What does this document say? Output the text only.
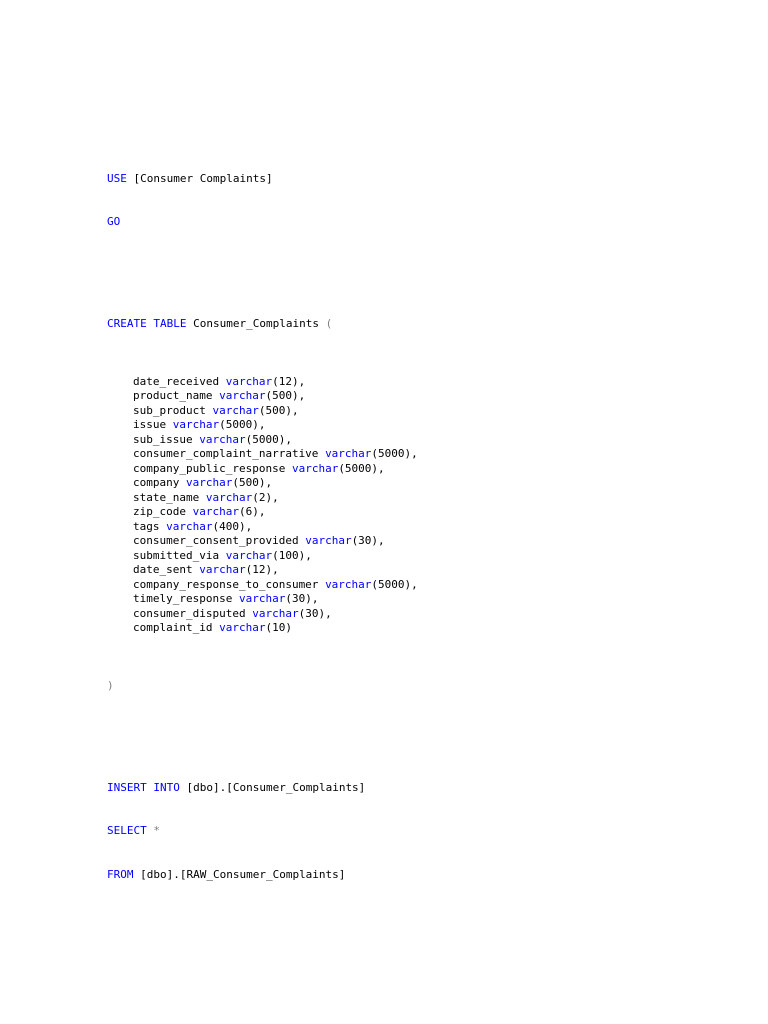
USE [Consumer Complaints]

GO

CREATE TABLE Consumer_Complaints (

date_received varchar(12),
product_name varchar(500),
sub_product varchar(500),
issue varchar(5000),
sub_issue varchar(5000),
consumer_complaint_narrative varchar(5000),
company_public_response varchar(5000),
company varchar(500),
state_name varchar(2),
zip_code varchar(6),
tags varchar(400),
consumer_consent_provided varchar(30),
submitted_via varchar(100),
date_sent varchar(12),
company_response_to_consumer varchar(5000),
timely_response varchar(30),
consumer_disputed varchar(30),
complaint_id varchar(10)

)

INSERT INTO [dbo].[Consumer_Complaints]

SELECT *

FROM [dbo].[RAW_Consumer_Complaints]
